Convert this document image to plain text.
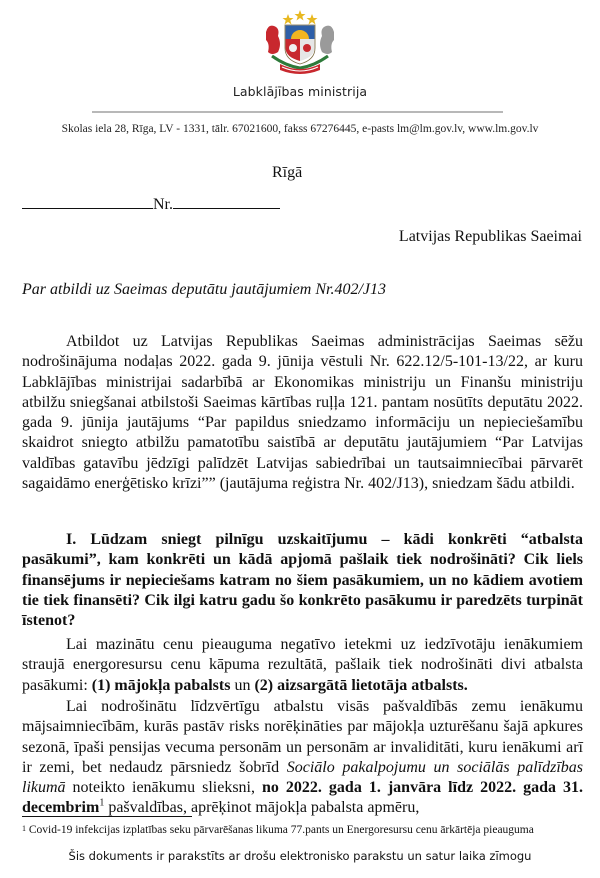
Labklājības ministrija
Skolas iela 28, Rīga, LV - 1331, tālr. 67021600, fakss 67276445, e-pasts lm@lm.gov.lv, www.lm.gov.lv
Rīgā
Nr.
Latvijas Republikas Saeimai
Par atbildi uz Saeimas deputātu jautājumiem Nr.402/J13

Atbildot uz Latvijas Republikas Saeimas administrācijas Saeimas sēžu nodrošinājuma nodaļas 2022. gada 9. jūnija vēstuli Nr. 622.12/5-101-13/22, ar kuru Labklājības ministrijai sadarbībā ar Ekonomikas ministriju un Finanšu ministriju atbilžu sniegšanai atbilstoši Saeimas kārtības ruļļa 121. pantam nosūtīts deputātu 2022. gada 9. jūnija jautājums “Par papildus sniedzamo informāciju un nepieciešamību skaidrot sniegto atbilžu pamatotību saistībā ar deputātu jautājumiem “Par Latvijas valdības gatavību jēdzīgi palīdzēt Latvijas sabiedrībai un tautsaimniecībai pārvarēt sagaidāmo enerģētisko krīzi”” (jautājuma reģistra Nr. 402/J13), sniedzam šādu atbildi.

I. Lūdzam sniegt pilnīgu uzskaitījumu – kādi konkrēti “atbalsta pasākumi”, kam konkrēti un kādā apjomā pašlaik tiek nodrošināti? Cik liels finansējums ir nepieciešams katram no šiem pasākumiem, un no kādiem avotiem tie tiek finansēti? Cik ilgi katru gadu šo konkrēto pasākumu ir paredzēts turpināt īstenot?

Lai mazinātu cenu pieauguma negatīvo ietekmi uz iedzīvotāju ienākumiem straujā energoresursu cenu kāpuma rezultātā, pašlaik tiek nodrošināti divi atbalsta pasākumi: (1) mājokļa pabalsts un (2) aizsargātā lietotāja atbalsts.

Lai nodrošinātu līdzvērtīgu atbalstu visās pašvaldībās zemu ienākumu mājsaimniecībām, kurās pastāv risks norēķināties par mājokļa uzturēšanu šajā apkures sezonā, īpaši pensijas vecuma personām un personām ar invaliditāti, kuru ienākumi arī ir zemi, bet nedaudz pārsniedz šobrīd Sociālo pakalpojumu un sociālās palīdzības likumā noteikto ienākumu slieksni, no 2022. gada 1. janvāra līdz 2022. gada 31. decembrim$^1$ pašvaldības, aprēķinot mājokļa pabalsta apmēru,

$^1$ Covid-19 infekcijas izplatības seku pārvarēšanas likuma 77.pants un Energoresursu cenu ārkārtēja pieauguma
Šis dokuments ir parakstīts ar drošu elektronisko parakstu un satur laika zīmogu
